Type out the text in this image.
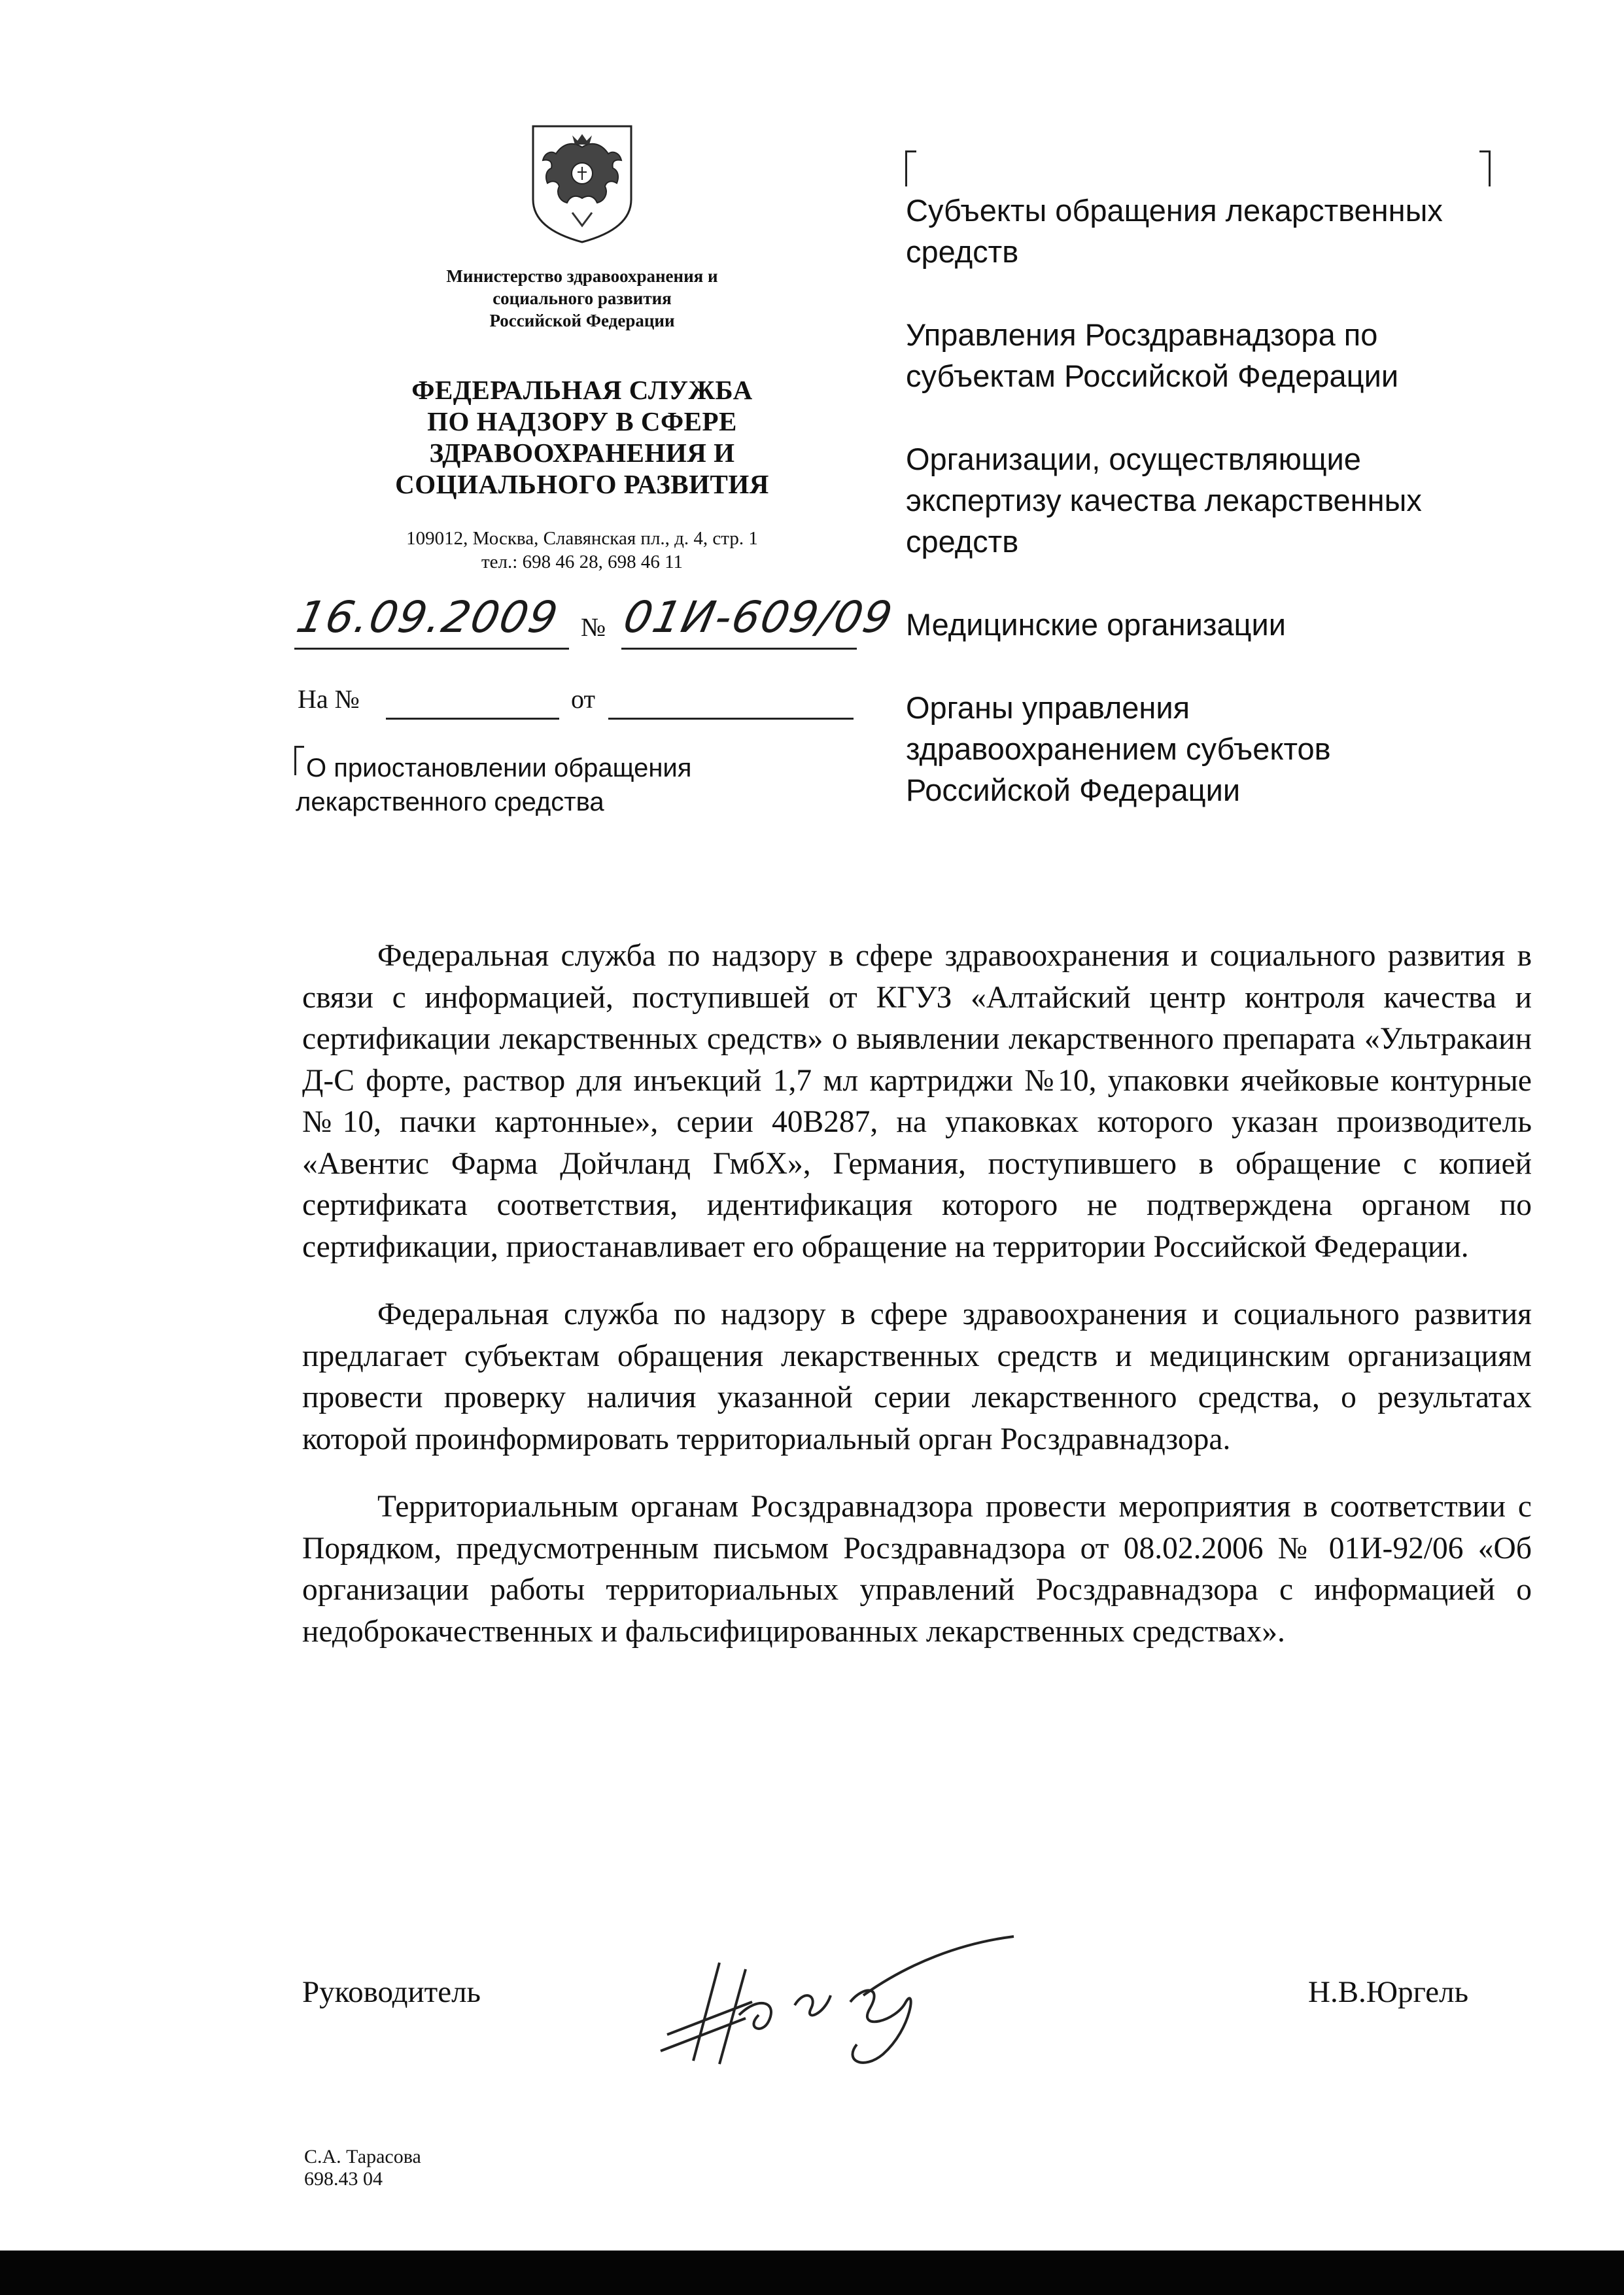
Министерство здравоохранения и
социального развития
Российской Федерации
ФЕДЕРАЛЬНАЯ СЛУЖБА
ПО НАДЗОРУ В СФЕРЕ
ЗДРАВООХРАНЕНИЯ И
СОЦИАЛЬНОГО РАЗВИТИЯ
109012, Москва, Славянская пл., д. 4, стр. 1
тел.: 698 46 28, 698 46 11
16.09.2009 № 01И-609/09
На №	от
О приостановлении обращения
лекарственного средства
Субъекты обращения лекарственных
средств
Управления Росздравнадзора по
субъектам Российской Федерации
Организации, осуществляющие
экспертизу качества лекарственных
средств
Медицинские организации
Органы управления
здравоохранением субъектов
Российской Федерации

Федеральная служба по надзору в сфере здравоохранения и социального развития в связи с информацией, поступившей от КГУЗ «Алтайский центр контроля качества и сертификации лекарственных средств» о выявлении лекарственного препарата «Ультракаин Д-С форте, раствор для инъекций 1,7 мл картриджи №10, упаковки ячейковые контурные №10, пачки картонные», серии 40В287, на упаковках которого указан производитель «Авентис Фарма Дойчланд ГмбХ», Германия, поступившего в обращение с копией сертификата соответствия, идентификация которого не подтверждена органом по сертификации, приостанавливает его обращение на территории Российской Федерации.

Федеральная служба по надзору в сфере здравоохранения и социального развития предлагает субъектам обращения лекарственных средств и медицинским организациям провести проверку наличия указанной серии лекарственного средства, о результатах которой проинформировать территориальный орган Росздравнадзора.

Территориальным органам Росздравнадзора провести мероприятия в соответствии с Порядком, предусмотренным письмом Росздравнадзора от 08.02.2006 № 01И-92/06 «Об организации работы территориальных управлений Росздравнадзора с информацией о недоброкачественных и фальсифицированных лекарственных средствах».

Руководитель	Н.В.Юргель
С.А. Тарасова
698.43 04
